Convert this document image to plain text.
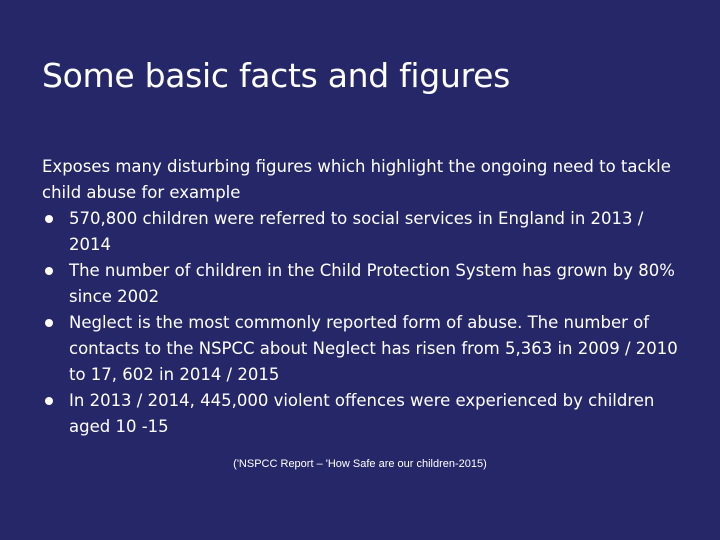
Some basic facts and figures

Exposes many disturbing figures which highlight the ongoing need to tackle child abuse for example

570,800 children were referred to social services in England in 2013 / 2014
The number of children in the Child Protection System has grown by 80% since 2002
Neglect is the most commonly reported form of abuse. The number of contacts to the NSPCC about Neglect has risen from 5,363 in 2009 / 2010 to 17, 602 in 2014 / 2015
In 2013 / 2014, 445,000 violent offences were experienced by children aged 10 -15
('NSPCC Report – 'How Safe are our children-2015)
